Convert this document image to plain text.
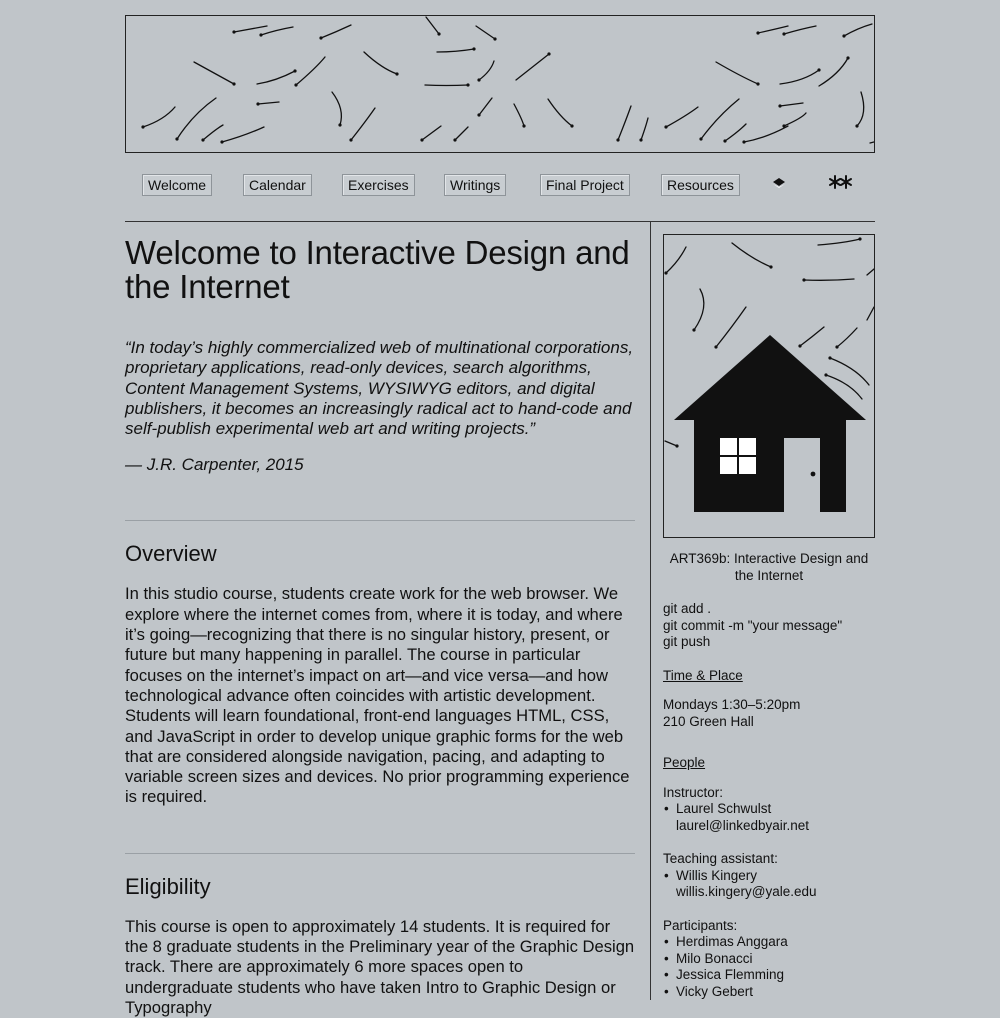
Welcome	Calendar	Exercises	Writings	Final Project	Resources
Welcome to Interactive Design and the Internet

“In today’s highly commercialized web of multinational corporations, proprietary applications, read-only devices, search algorithms, Content Management Systems, WYSIWYG editors, and digital publishers, it becomes an increasingly radical act to hand-code and self-publish experimental web art and writing projects.”

— J.R. Carpenter, 2015

Overview

In this studio course, students create work for the web browser. We explore where the internet comes from, where it is today, and where it’s going—recognizing that there is no singular history, present, or future but many happening in parallel. The course in particular focuses on the internet’s impact on art—and vice versa—and how technological advance often coincides with artistic development. Students will learn foundational, front-end languages HTML, CSS, and JavaScript in order to develop unique graphic forms for the web that are considered alongside navigation, pacing, and adapting to variable screen sizes and devices. No prior programming experience is required.

Eligibility

This course is open to approximately 14 students. It is required for the 8 graduate students in the Preliminary year of the Graphic Design track. There are approximately 6 more spaces open to undergraduate students who have taken Intro to Graphic Design or Typography

ART369b: Interactive Design and the Internet
git add .
git commit -m "your message"
git push
Time & Place
Mondays 1:30–5:20pm
210 Green Hall
People
Instructor:
• Laurel Schwulst
laurel@linkedbyair.net
Teaching assistant:
• Willis Kingery
willis.kingery@yale.edu
Participants:
• Herdimas Anggara
• Milo Bonacci
• Jessica Flemming
• Vicky Gebert
